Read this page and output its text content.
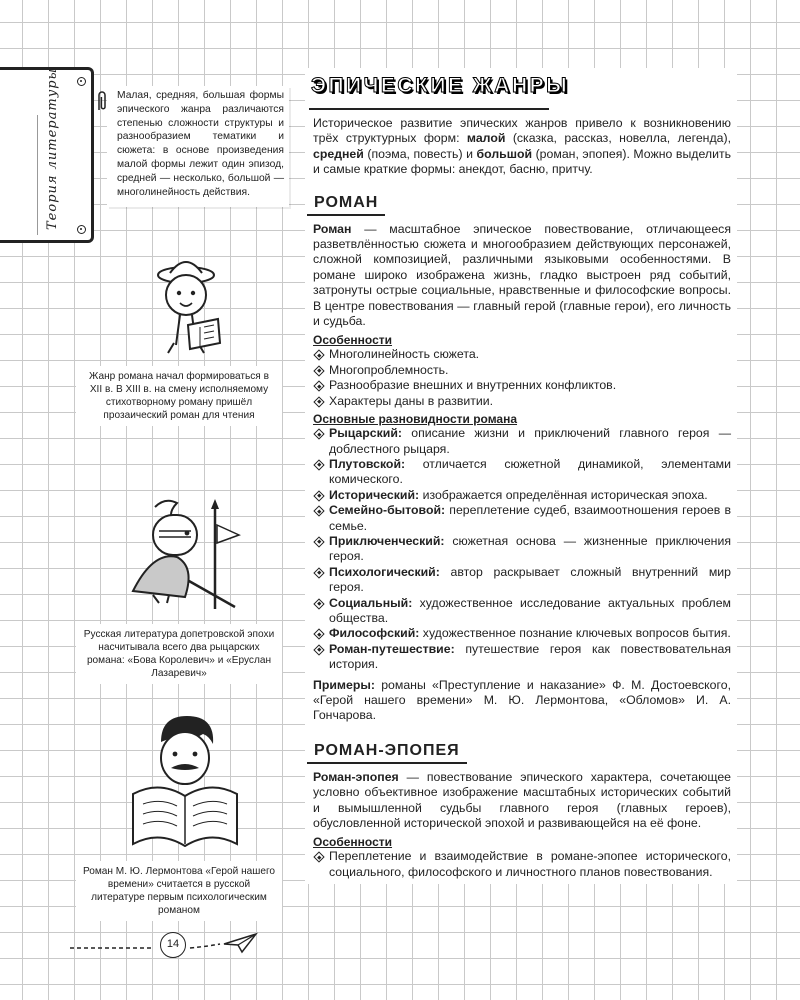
Теория литературы	Малая, средняя, большая формы эпического жанра различаются степенью сложности структуры и разнообразием тематики и сюжета: в основе произведения малой формы лежит один эпизод, средней — несколько, большой — многолинейность действия.

Жанр романа начал формироваться в XII в. В XIII в. на смену исполняемому стихотворному роману пришёл прозаический роман для чтения
Русская литература допетровской эпохи насчитывала всего два рыцарских романа: «Бова Королевич» и «Еруслан Лазаревич»
Роман М. Ю. Лермонтова «Герой нашего времени» считается в русской литературе первым психологическим романом
ЭПИЧЕСКИЕ ЖАНРЫ

Историческое развитие эпических жанров привело к возникновению трёх структурных форм: малой (сказка, рассказ, новелла, легенда), средней (поэма, повесть) и большой (роман, эпопея). Можно выделить и самые краткие формы: анекдот, басню, притчу.

РОМАН

Роман — масштабное эпическое повествование, отличающееся разветвлённостью сюжета и многообразием действующих персонажей, сложной композицией, различными языковыми особенностями. В романе широко изображена жизнь, гладко выстроен ряд событий, затронуты острые социальные, нравственные и философские вопросы. В центре повествования — главный герой (главные герои), его личность и судьба.

Особенности
Многолинейность сюжета.
Многопроблемность.
Разнообразие внешних и внутренних конфликтов.
Характеры даны в развитии.
Основные разновидности романа
Рыцарский: описание жизни и приключений главного героя — доблестного рыцаря.
Плутовской: отличается сюжетной динамикой, элементами комического.
Исторический: изображается определённая историческая эпоха.
Семейно-бытовой: переплетение судеб, взаимоотношения героев в семье.
Приключенческий: сюжетная основа — жизненные приключения героя.
Психологический: автор раскрывает сложный внутренний мир героя.
Социальный: художественное исследование актуальных проблем общества.
Философский: художественное познание ключевых вопросов бытия.
Роман-путешествие: путешествие героя как повествовательная история.

Примеры: романы «Преступление и наказание» Ф. М. Достоевского, «Герой нашего времени» М. Ю. Лермонтова, «Обломов» И. А. Гончарова.

РОМАН-ЭПОПЕЯ

Роман-эпопея — повествование эпического характера, сочетающее условно объективное изображение масштабных исторических событий и вымышленной судьбы главного героя (главных героев), обусловленной исторической эпохой и развивающейся на её фоне.

Особенности
Переплетение и взаимодействие в романе-эпопее исторического, социального, философского и личностного планов повествования.
14
